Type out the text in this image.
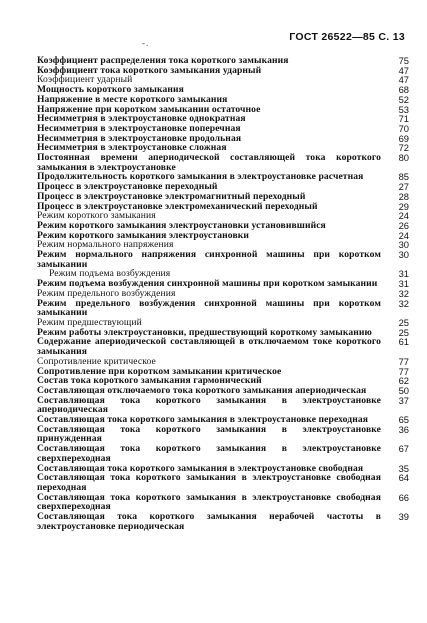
-.	ГОСТ 26522—85 С. 13
Коэффициент распределения тока короткого замыкания	75
Коэффициент тока короткого замыкания ударный	47
Коэффициент ударный	47
Мощность короткого замыкания	68
Напряжение в месте короткого замыкания	52
Напряжение при коротком замыкании остаточное	53
Несимметрия в электроустановке однократная	71
Несимметрия в электроустановке поперечная	70
Несимметрия в электроустановке продольная	69
Несимметрия в электроустановке сложная	72
Постоянная времени апериодической составляющей тока короткого замыкания в электроустановке
80
Продолжительность короткого замыкания в электроустановке расчетная	85
Процесс в электроустановке переходный	27
Процесс в электроустановке электромагнитный переходный	28
Процесс в электроустановке электромеханический переходный	29
Режим короткого замыкания	24
Режим короткого замыкания электроустановки установившийся	26
Режим короткого замыкания электроустановки	24
Режим нормального напряжения	30
Режим нормального напряжения синхронной машины при коротком замыкании
30
Режим подъема возбуждения	31
Режим подъема возбуждения синхронной машины при коротком замыкании	31
Режим предельного возбуждения	32
Режим предельного возбуждения синхронной машины при коротком замыкании
32
Режим предшествующий	25
Режим работы электроустановки, предшествующий короткому замыканию	25
Содержание апериодической составляющей в отключаемом токе короткого замыкания
61
Сопротивление критическое	77
Сопротивление при коротком замыкании критическое	77
Состав тока короткого замыкания гармонический	62
Составляющая отключаемого тока короткого замыкания апериодическая	50
Составляющая тока короткого замыкания в электроустановке апериодическая
37
Составляющая тока короткого замыкания в электроустановке переходная	65
Составляющая тока короткого замыкания в электроустановке принужденная
36
Составляющая тока короткого замыкания в электроустановке сверхпереходная
67
Составляющая тока короткого замыкания в электроустановке свободная	35
Составляющая тока короткого замыкания в электроустановке свободная переходная
64
Составляющая тока короткого замыкания в электроустановке свободная сверхпереходная
66
Составляющая тока короткого замыкания нерабочей частоты в электроустановке периодическая
39
